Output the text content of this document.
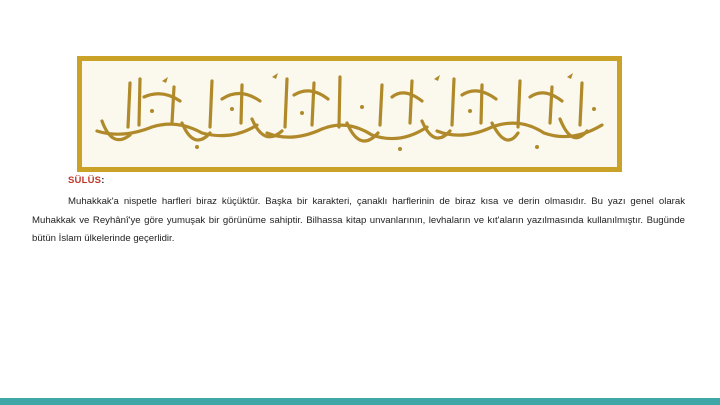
SÜLÜS:

Muhakkak'a nispetle harfleri biraz küçüktür. Başka bir karakteri, çanaklı harflerinin de biraz kısa ve derin olmasıdır. Bu yazı genel olarak Muhakkak ve Reyhânî'ye göre yumuşak bir görünüme sahiptir. Bilhassa kitap unvanlarının, levhaların ve kıt'aların yazılmasında kullanılmıştır. Bugünde bütün İslam ülkelerinde geçerlidir.
